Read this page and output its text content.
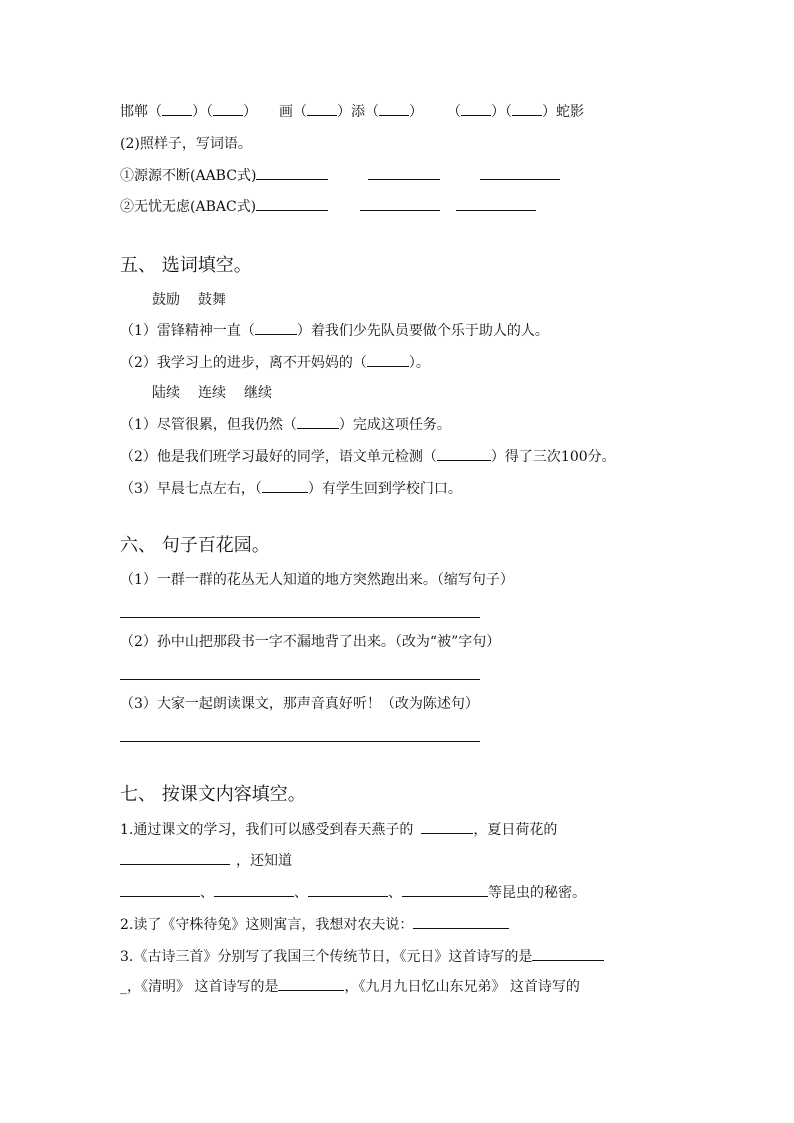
邯郸（ ）（ ） 画（ ）添（ ） （ ）（ ）蛇影
(2)照样子，写词语。
①源源不断(AABC式)
②无忧无虑(ABAC式)
五、 选词填空。
鼓励 鼓舞
（1）雷锋精神一直（	）着我们少先队员要做个乐于助人的人。
（2）我学习上的进步，离不开妈妈的（	）。
陆续 连续 继续
（1）尽管很累，但我仍然（	）完成这项任务。
（2）他是我们班学习最好的同学，语文单元检测（	）得了三次100分。
（3）早晨七点左右，（	）有学生回到学校门口。
六、 句子百花园。
（1）一群一群的花丛无人知道的地方突然跑出来。（缩写句子）
（2）孙中山把那段书一字不漏地背了出来。（改为“被”字句）
（3）大家一起朗读课文，那声音真好听！（改为陈述句）
七、 按课文内容填空。
1.通过课文的学习，我们可以感受到春天燕子的	，夏日荷花的
，还知道
、	、	、	等昆虫的秘密。
2.读了《守株待兔》这则寓言，我想对农夫说：
3.《古诗三首》分别写了我国三个传统节日，《元日》这首诗写的是
_，《清明》 这首诗写的是	，《九月九日忆山东兄弟》 这首诗写的
